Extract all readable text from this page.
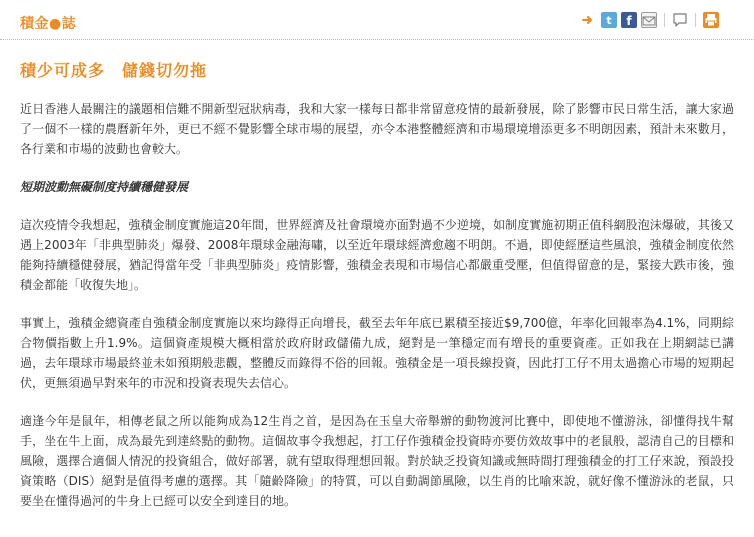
積金●誌	t f
積少可成多　儲錢切勿拖

近日香港人最關注的議題相信難不開新型冠狀病毒，我和大家一樣每日都非常留意疫情的最新發展，除了影響市民日常生活，讓大家過了一個不一樣的農曆新年外，更已不經不覺影響全球市場的展望，亦令本港整體經濟和市場環境增添更多不明朗因素，預計未來數月，各行業和市場的波動也會較大。

短期波動無礙制度持續穩健發展

這次疫情令我想起，強積金制度實施這20年間，世界經濟及社會環境亦面對過不少逆境，如制度實施初期正值科網股泡沫爆破，其後又遇上2003年「非典型肺炎」爆發、2008年環球金融海嘯，以至近年環球經濟愈趨不明朗。不過，即使經歷這些風浪，強積金制度依然能夠持續穩健發展，猶記得當年受「非典型肺炎」疫情影響，強積金表現和市場信心都嚴重受壓，但值得留意的是，緊接大跌市後，強積金都能「收復失地」。

事實上，強積金總資產自強積金制度實施以來均錄得正向增長，截至去年年底已累積至接近$9,700億，年率化回報率為4.1%，同期綜合物價指數上升1.9%。這個資產規模大概相當於政府財政儲備九成，絕對是一筆穩定而有增長的重要資產。正如我在上期網誌已講過，去年環球市場最終並未如預期般悲觀，整體反而錄得不俗的回報。強積金是一項長線投資，因此打工仔不用太過擔心市場的短期起伏，更無須過早對來年的市況和投資表現失去信心。

適逢今年是鼠年，相傳老鼠之所以能夠成為12生肖之首，是因為在玉皇大帝舉辦的動物渡河比賽中，即使地不懂游泳，卻懂得找牛幫手，坐在牛上面，成為最先到達終點的動物。這個故事令我想起，打工仔作強積金投資時亦要仿效故事中的老鼠般，認清自己的目標和風險，選擇合適個人情況的投資組合，做好部署，就有望取得理想回報。對於缺乏投資知識或無時間打理強積金的打工仔來說，預設投資策略（DIS）絕對是值得考慮的選擇。其「隨齡降險」的特質，可以自動調節風險，以生肖的比喻來說，就好像不懂游泳的老鼠，只要坐在懂得過河的牛身上已經可以安全到達目的地。
